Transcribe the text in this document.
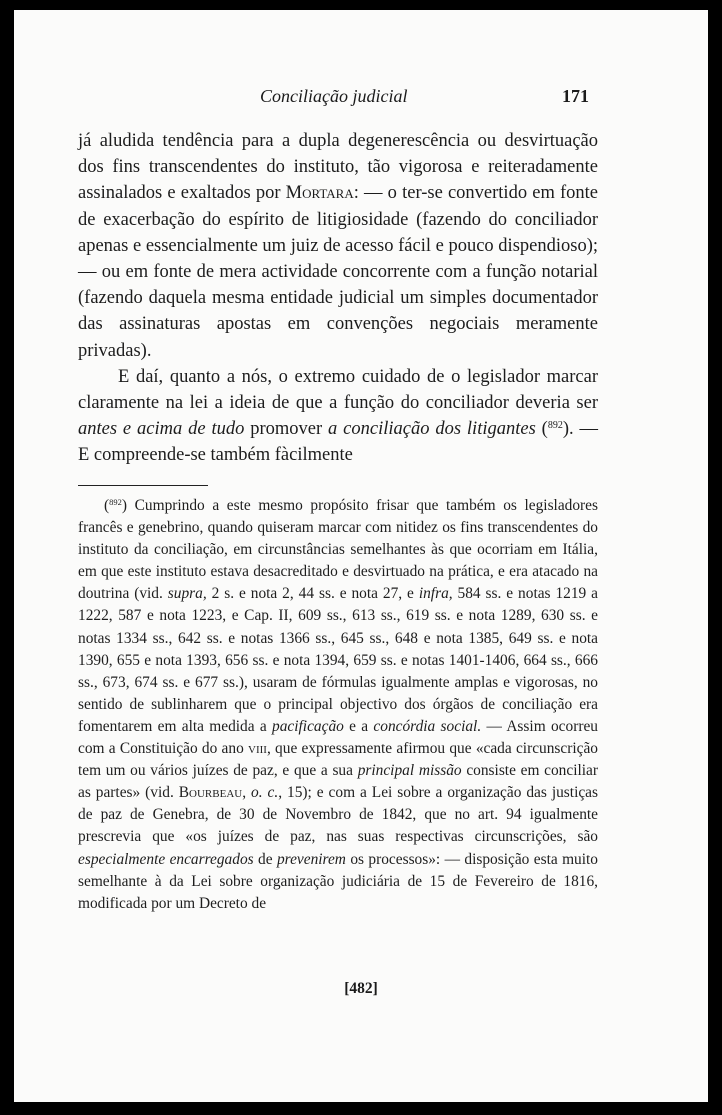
Conciliação judicial	171

já aludida tendência para a dupla degenerescência ou desvirtuação dos fins transcendentes do instituto, tão vigorosa e reiteradamente assinalados e exaltados por Mortara: — o ter-se convertido em fonte de exacerbação do espírito de litigiosidade (fazendo do conciliador apenas e essencialmente um juiz de acesso fácil e pouco dispendioso); — ou em fonte de mera actividade concorrente com a função notarial (fazendo daquela mesma entidade judicial um simples documentador das assinaturas apostas em convenções negociais meramente privadas).

E daí, quanto a nós, o extremo cuidado de o legislador marcar claramente na lei a ideia de que a função do conciliador deveria ser antes e acima de tudo promover a conciliação dos litigantes ($^{892}$). — E compreende-se também fàcilmente

($^{892}$) Cumprindo a este mesmo propósito frisar que também os legisladores francês e genebrino, quando quiseram marcar com nitidez os fins transcendentes do instituto da conciliação, em circunstâncias semelhantes às que ocorriam em Itália, em que este instituto estava desacreditado e desvirtuado na prática, e era atacado na doutrina (vid. supra, 2 s. e nota 2, 44 ss. e nota 27, e infra, 584 ss. e notas 1219 a 1222, 587 e nota 1223, e Cap. II, 609 ss., 613 ss., 619 ss. e nota 1289, 630 ss. e notas 1334 ss., 642 ss. e notas 1366 ss., 645 ss., 648 e nota 1385, 649 ss. e nota 1390, 655 e nota 1393, 656 ss. e nota 1394, 659 ss. e notas 1401-1406, 664 ss., 666 ss., 673, 674 ss. e 677 ss.), usaram de fórmulas igualmente amplas e vigorosas, no sentido de sublinharem que o principal objectivo dos órgãos de conciliação era fomentarem em alta medida a pacificação e a concórdia social. — Assim ocorreu com a Constituição do ano viii, que expressamente afirmou que «cada circunscrição tem um ou vários juízes de paz, e que a sua principal missão consiste em conciliar as partes» (vid. Bourbeau, o. c., 15); e com a Lei sobre a organização das justiças de paz de Genebra, de 30 de Novembro de 1842, que no art. 94 igualmente prescrevia que «os juízes de paz, nas suas respectivas circunscrições, são especialmente encarregados de prevenirem os processos»: — disposição esta muito semelhante à da Lei sobre organização judiciária de 15 de Fevereiro de 1816, modificada por um Decreto de

[482]
